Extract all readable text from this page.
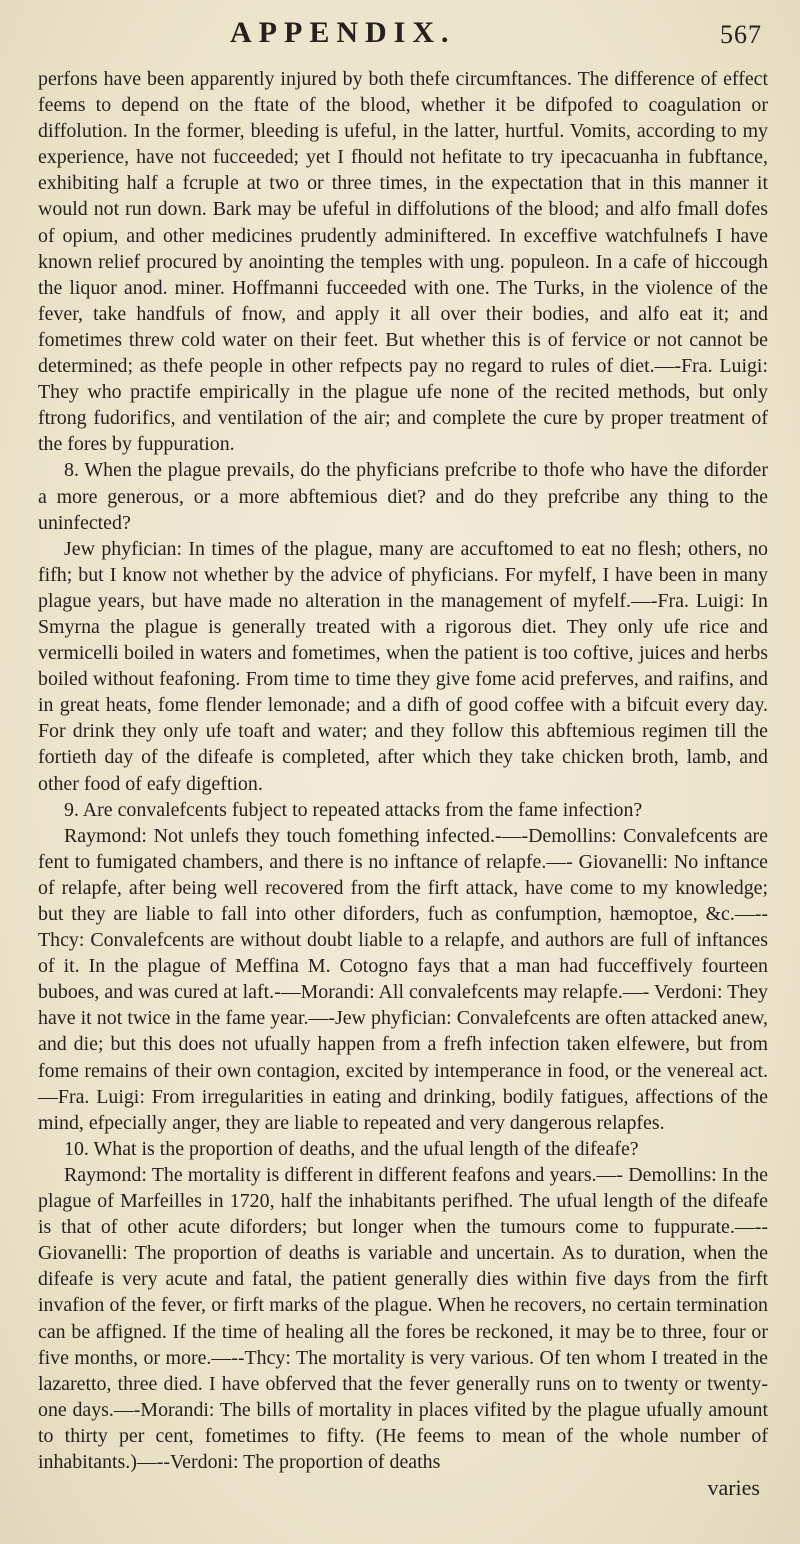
APPENDIX.	567

perfons have been apparently injured by both thefe circumftances. The difference of effect feems to depend on the ftate of the blood, whether it be difpofed to coagulation or diffolution. In the former, bleeding is ufeful, in the latter, hurtful. Vomits, according to my experience, have not fucceeded; yet I fhould not hefitate to try ipecacuanha in fubftance, exhibiting half a fcruple at two or three times, in the expectation that in this manner it would not run down. Bark may be ufeful in diffolutions of the blood; and alfo fmall dofes of opium, and other medicines prudently adminiftered. In exceffive watchfulnefs I have known relief procured by anointing the temples with ung. populeon. In a cafe of hiccough the liquor anod. miner. Hoffmanni fucceeded with one. The Turks, in the violence of the fever, take handfuls of fnow, and apply it all over their bodies, and alfo eat it; and fometimes threw cold water on their feet. But whether this is of fervice or not cannot be determined; as thefe people in other refpects pay no regard to rules of diet.—-Fra. Luigi: They who practife empirically in the plague ufe none of the recited methods, but only ftrong fudorifics, and ventilation of the air; and complete the cure by proper treatment of the fores by fuppuration.

8. When the plague prevails, do the phyficians prefcribe to thofe who have the diforder a more generous, or a more abftemious diet? and do they prefcribe any thing to the uninfected?

Jew phyfician: In times of the plague, many are accuftomed to eat no flesh; others, no fifh; but I know not whether by the advice of phyficians. For myfelf, I have been in many plague years, but have made no alteration in the management of myfelf.—-Fra. Luigi: In Smyrna the plague is generally treated with a rigorous diet. They only ufe rice and vermicelli boiled in waters and fometimes, when the patient is too coftive, juices and herbs boiled without feafoning. From time to time they give fome acid preferves, and raifins, and in great heats, fome flender lemonade; and a difh of good coffee with a bifcuit every day. For drink they only ufe toaft and water; and they follow this abftemious regimen till the fortieth day of the difeafe is completed, after which they take chicken broth, lamb, and other food of eafy digeftion.

9. Are convalefcents fubject to repeated attacks from the fame infection?

Raymond: Not unlefs they touch fomething infected.-—-Demollins: Convalefcents are fent to fumigated chambers, and there is no inftance of relapfe.—- Giovanelli: No inftance of relapfe, after being well recovered from the firft attack, have come to my knowledge; but they are liable to fall into other diforders, fuch as confumption, hæmoptoe, &c.—--Thcy: Convalefcents are without doubt liable to a relapfe, and authors are full of inftances of it. In the plague of Meffina M. Cotogno fays that a man had fucceffively fourteen buboes, and was cured at laft.-—Morandi: All convalefcents may relapfe.—- Verdoni: They have it not twice in the fame year.—-Jew phyfician: Convalefcents are often attacked anew, and die; but this does not ufually happen from a frefh infection taken elfewere, but from fome remains of their own contagion, excited by intemperance in food, or the venereal act.—Fra. Luigi: From irregularities in eating and drinking, bodily fatigues, affections of the mind, efpecially anger, they are liable to repeated and very dangerous relapfes.

10. What is the proportion of deaths, and the ufual length of the difeafe?

Raymond: The mortality is different in different feafons and years.—- Demollins: In the plague of Marfeilles in 1720, half the inhabitants perifhed. The ufual length of the difeafe is that of other acute diforders; but longer when the tumours come to fuppurate.—--Giovanelli: The proportion of deaths is variable and uncertain. As to duration, when the difeafe is very acute and fatal, the patient generally dies within five days from the firft invafion of the fever, or firft marks of the plague. When he recovers, no certain termination can be affigned. If the time of healing all the fores be reckoned, it may be to three, four or five months, or more.—--Thcy: The mortality is very various. Of ten whom I treated in the lazaretto, three died. I have obferved that the fever generally runs on to twenty or twenty-one days.—-Morandi: The bills of mortality in places vifited by the plague ufually amount to thirty per cent, fometimes to fifty. (He feems to mean of the whole number of inhabitants.)—--Verdoni: The proportion of deaths

varies
